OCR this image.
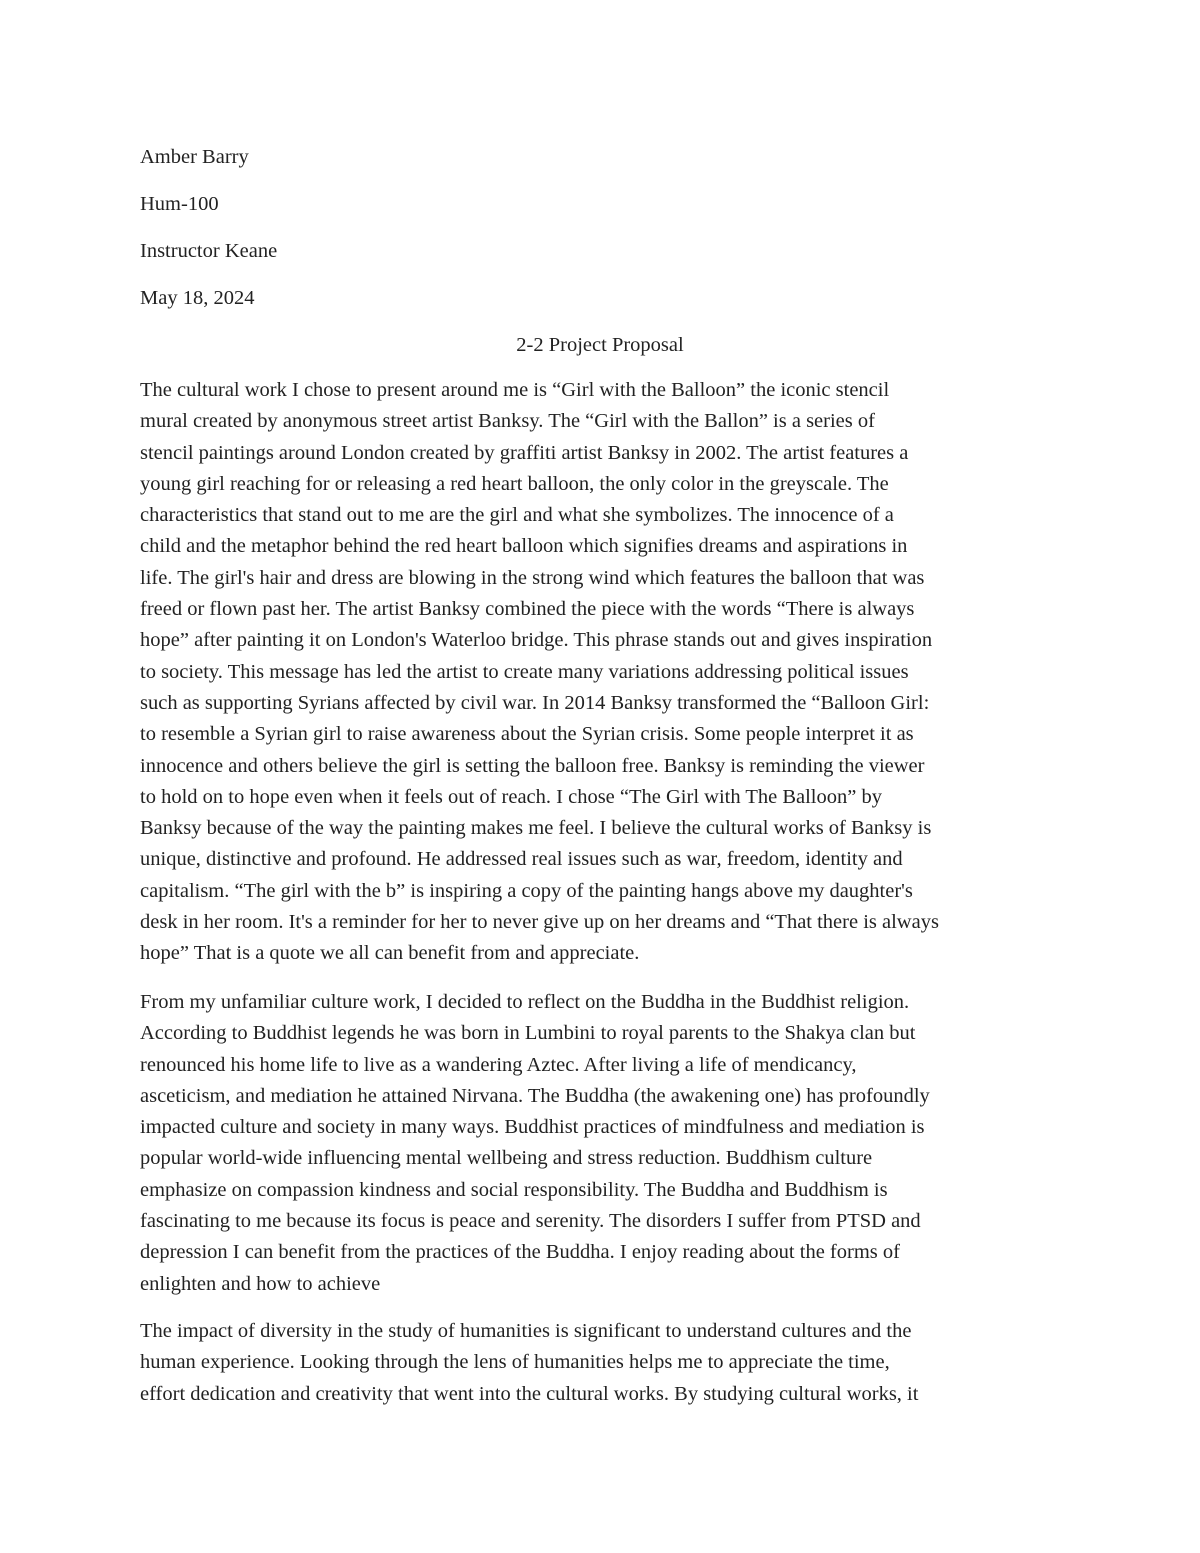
Amber Barry
Hum-100
Instructor Keane
May 18, 2024
2-2 Project Proposal
The cultural work I chose to present around me is “Girl with the Balloon” the iconic stencil
mural created by anonymous street artist Banksy. The “Girl with the Ballon” is a series of
stencil paintings around London created by graffiti artist Banksy in 2002. The artist features a
young girl reaching for or releasing a red heart balloon, the only color in the greyscale. The
characteristics that stand out to me are the girl and what she symbolizes. The innocence of a
child and the metaphor behind the red heart balloon which signifies dreams and aspirations in
life. The girl's hair and dress are blowing in the strong wind which features the balloon that was
freed or flown past her. The artist Banksy combined the piece with the words “There is always
hope” after painting it on London's Waterloo bridge. This phrase stands out and gives inspiration
to society. This message has led the artist to create many variations addressing political issues
such as supporting Syrians affected by civil war. In 2014 Banksy transformed the “Balloon Girl:
to resemble a Syrian girl to raise awareness about the Syrian crisis. Some people interpret it as
innocence and others believe the girl is setting the balloon free. Banksy is reminding the viewer
to hold on to hope even when it feels out of reach. I chose “The Girl with The Balloon” by
Banksy because of the way the painting makes me feel. I believe the cultural works of Banksy is
unique, distinctive and profound. He addressed real issues such as war, freedom, identity and
capitalism. “The girl with the b” is inspiring a copy of the painting hangs above my daughter's
desk in her room. It's a reminder for her to never give up on her dreams and “That there is always
hope” That is a quote we all can benefit from and appreciate.
From my unfamiliar culture work, I decided to reflect on the Buddha in the Buddhist religion.
According to Buddhist legends he was born in Lumbini to royal parents to the Shakya clan but
renounced his home life to live as a wandering Aztec. After living a life of mendicancy,
asceticism, and mediation he attained Nirvana. The Buddha (the awakening one) has profoundly
impacted culture and society in many ways. Buddhist practices of mindfulness and mediation is
popular world-wide influencing mental wellbeing and stress reduction. Buddhism culture
emphasize on compassion kindness and social responsibility. The Buddha and Buddhism is
fascinating to me because its focus is peace and serenity. The disorders I suffer from PTSD and
depression I can benefit from the practices of the Buddha. I enjoy reading about the forms of
enlighten and how to achieve
The impact of diversity in the study of humanities is significant to understand cultures and the
human experience. Looking through the lens of humanities helps me to appreciate the time,
effort dedication and creativity that went into the cultural works. By studying cultural works, it
